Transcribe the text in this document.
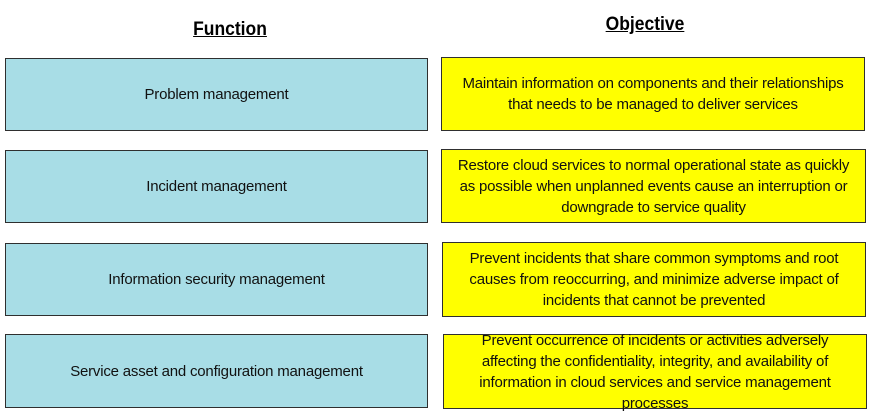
Function	Objective
Problem management
Incident management
Information security management
Service asset and configuration management
Maintain information on components and their relationships that needs to be managed to deliver services
Restore cloud services to normal operational state as quickly as possible when unplanned events cause an interruption or downgrade to service quality
Prevent incidents that share common symptoms and root causes from reoccurring, and minimize adverse impact of incidents that cannot be prevented
Prevent occurrence of incidents or activities adversely affecting the confidentiality, integrity, and availability of information in cloud services and service management processes
